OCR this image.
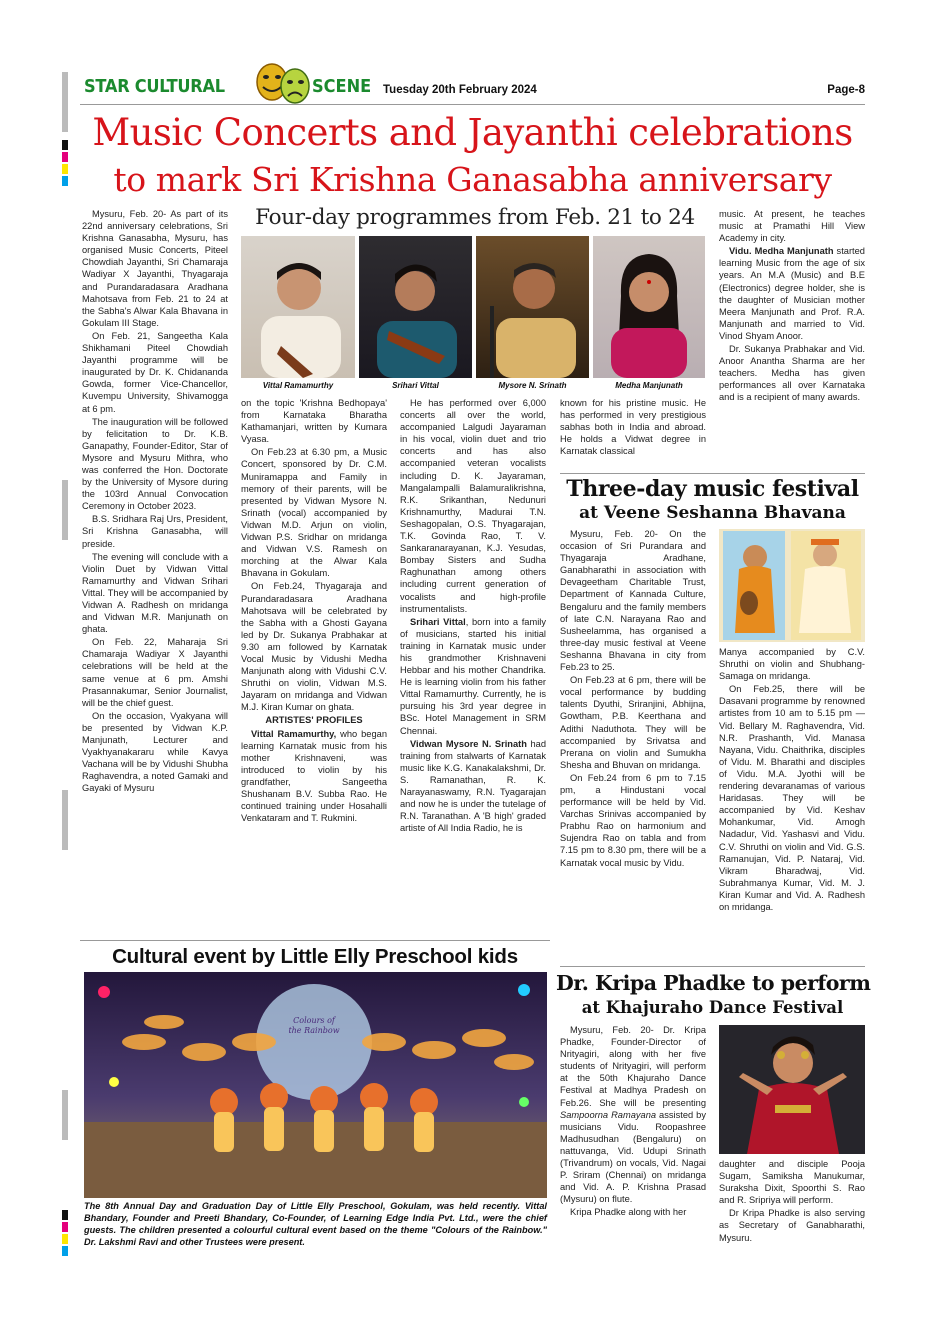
STAR CULTURAL	SCENE Tuesday 20th February 2024	Page-8
Music Concerts and Jayanthi celebrations
to mark Sri Krishna Ganasabha anniversary

Mysuru, Feb. 20- As part of its 22nd anniversary celebrations, Sri Krishna Ganasabha, Mysuru, has organised Music Concerts, Piteel Chowdiah Jayanthi, Sri Chamaraja Wadiyar X Jayanthi, Thyagaraja and Purandaradasara Aradhana Mahotsava from Feb. 21 to 24 at the Sabha's Alwar Kala Bhavana in Gokulam III Stage.

On Feb. 21, Sangeetha Kala Shikhamani Piteel Chowdiah Jayanthi programme will be inaugurated by Dr. K. Chidananda Gowda, former Vice-Chancellor, Kuvempu University, Shivamogga at 6 pm.

The inauguration will be followed by felicitation to Dr. K.B. Ganapathy, Founder-Editor, Star of Mysore and Mysuru Mithra, who was conferred the Hon. Doctorate by the University of Mysore during the 103rd Annual Convocation Ceremony in October 2023.

B.S. Sridhara Raj Urs, President, Sri Krishna Ganasabha, will preside.

The evening will conclude with a Violin Duet by Vidwan Vittal Ramamurthy and Vidwan Srihari Vittal. They will be accompanied by Vidwan A. Radhesh on mridanga and Vidwan M.R. Manjunath on ghata.

On Feb. 22, Maharaja Sri Chamaraja Wadiyar X Jayanthi celebrations will be held at the same venue at 6 pm. Amshi Prasannakumar, Senior Journalist, will be the chief guest.

On the occasion, Vyakyana will be presented by Vidwan K.P. Manjunath, Lecturer and Vyakhyanakararu while Kavya Vachana will be by Vidushi Shubha Raghavendra, a noted Gamaki and Gayaki of Mysuru

Four-day programmes from Feb. 21 to 24
Vittal Ramamurthy	Srihari Vittal	Mysore N. Srinath	Medha Manjunath

on the topic 'Krishna Bedhopaya' from Karnataka Bharatha Kathamanjari, written by Kumara Vyasa.

On Feb.23 at 6.30 pm, a Music Concert, sponsored by Dr. C.M. Muniramappa and Family in memory of their parents, will be presented by Vidwan Mysore N. Srinath (vocal) accompanied by Vidwan M.D. Arjun on violin, Vidwan P.S. Sridhar on mridanga and Vidwan V.S. Ramesh on morching at the Alwar Kala Bhavana in Gokulam.

On Feb.24, Thyagaraja and Purandaradasara Aradhana Mahotsava will be celebrated by the Sabha with a Ghosti Gayana led by Dr. Sukanya Prabhakar at 9.30 am followed by Karnatak Vocal Music by Vidushi Medha Manjunath along with Vidushi C.V. Shruthi on violin, Vidwan M.S. Jayaram on mridanga and Vidwan M.J. Kiran Kumar on ghata.

ARTISTES' PROFILES

Vittal Ramamurthy, who began learning Karnatak music from his mother Krishnaveni, was introduced to violin by his grandfather, Sangeetha Shushanam B.V. Subba Rao. He continued training under Hosahalli Venkataram and T. Rukmini.

He has performed over 6,000 concerts all over the world, accompanied Lalgudi Jayaraman in his vocal, violin duet and trio concerts and has also accompanied veteran vocalists including D. K. Jayaraman, Mangalampalli Balamuralikrishna, R.K. Srikanthan, Nedunuri Krishnamurthy, Madurai T.N. Seshagopalan, O.S. Thyagarajan, T.K. Govinda Rao, T. V. Sankaranarayanan, K.J. Yesudas, Bombay Sisters and Sudha Raghunathan among others including current generation of vocalists and high-profile instrumentalists.

Srihari Vittal, born into a family of musicians, started his initial training in Karnatak music under his grandmother Krishnaveni Hebbar and his mother Chandrika. He is learning violin from his father Vittal Ramamurthy. Currently, he is pursuing his 3rd year degree in BSc. Hotel Management in SRM Chennai.

Vidwan Mysore N. Srinath had training from stalwarts of Karnatak music like K.G. Kanakalakshmi, Dr. S. Ramanathan, R. K. Narayanaswamy, R.N. Tyagarajan and now he is under the tutelage of R.N. Taranathan. A 'B high' graded artiste of All India Radio, he is

known for his pristine music. He has performed in very prestigious sabhas both in India and abroad. He holds a Vidwat degree in Karnatak classical

music. At present, he teaches music at Pramathi Hill View Academy in city.

Vidu. Medha Manjunath started learning Music from the age of six years. An M.A (Music) and B.E (Electronics) degree holder, she is the daughter of Musician mother Meera Manjunath and Prof. R.A. Manjunath and married to Vid. Vinod Shyam Anoor.

Dr. Sukanya Prabhakar and Vid. Anoor Anantha Sharma are her teachers. Medha has given performances all over Karnataka and is a recipient of many awards.

Three-day music festival
at Veene Seshanna Bhavana

Mysuru, Feb. 20- On the occasion of Sri Purandara and Thyagaraja Aradhane, Ganabharathi in association with Devageetham Charitable Trust, Department of Kannada Culture, Bengaluru and the family members of late C.N. Narayana Rao and Susheelamma, has organised a three-day music festival at Veene Seshanna Bhavana in city from Feb.23 to 25.

On Feb.23 at 6 pm, there will be vocal performance by budding talents Dyuthi, Sriranjini, Abhijna, Gowtham, P.B. Keerthana and Adithi Naduthota. They will be accompanied by Srivatsa and Prerana on violin and Sumukha Shesha and Bhuvan on mridanga.

On Feb.24 from 6 pm to 7.15 pm, a Hindustani vocal performance will be held by Vid. Varchas Srinivas accompanied by Prabhu Rao on harmonium and Sujendra Rao on tabla and from 7.15 pm to 8.30 pm, there will be a Karnatak vocal music by Vidu.

Manya accompanied by C.V. Shruthi on violin and Shubhang-Samaga on mridanga.

On Feb.25, there will be Dasavani programme by renowned artistes from 10 am to 5.15 pm — Vid. Bellary M. Raghavendra, Vid. N.R. Prashanth, Vid. Manasa Nayana, Vidu. Chaithrika, disciples of Vidu. M. Bharathi and disciples of Vidu. M.A. Jyothi will be rendering devaranamas of various Haridasas. They will be accompanied by Vid. Keshav Mohankumar, Vid. Amogh Nadadur, Vid. Yashasvi and Vidu. C.V. Shruthi on violin and Vid. G.S. Ramanujan, Vid. P. Nataraj, Vid. Vikram Bharadwaj, Vid. Subrahmanya Kumar, Vid. M. J. Kiran Kumar and Vid. A. Radhesh on mridanga.

Cultural event by Little Elly Preschool kids
Colours of the Rainbow
The 8th Annual Day and Graduation Day of Little Elly Preschool, Gokulam, was held recently. Vittal Bhandary, Founder and Preeti Bhandary, Co-Founder, of Learning Edge India Pvt. Ltd., were the chief guests. The children presented a colourful cultural event based on the theme "Colours of the Rainbow." Dr. Lakshmi Ravi and other Trustees were present.
Dr. Kripa Phadke to perform
at Khajuraho Dance Festival

Mysuru, Feb. 20- Dr. Kripa Phadke, Founder-Director of Nrityagiri, along with her five students of Nrityagiri, will perform at the 50th Khajuraho Dance Festival at Madhya Pradesh on Feb.26. She will be presenting Sampoorna Ramayana assisted by musicians Vidu. Roopashree Madhusudhan (Bengaluru) on nattuvanga, Vid. Udupi Srinath (Trivandrum) on vocals, Vid. Nagai P. Sriram (Chennai) on mridanga and Vid. A. P. Krishna Prasad (Mysuru) on flute.

Kripa Phadke along with her

daughter and disciple Pooja Sugam, Samiksha Manukumar, Suraksha Dixit, Spoorthi S. Rao and R. Sripriya will perform.

Dr Kripa Phadke is also serving as Secretary of Ganabharathi, Mysuru.
